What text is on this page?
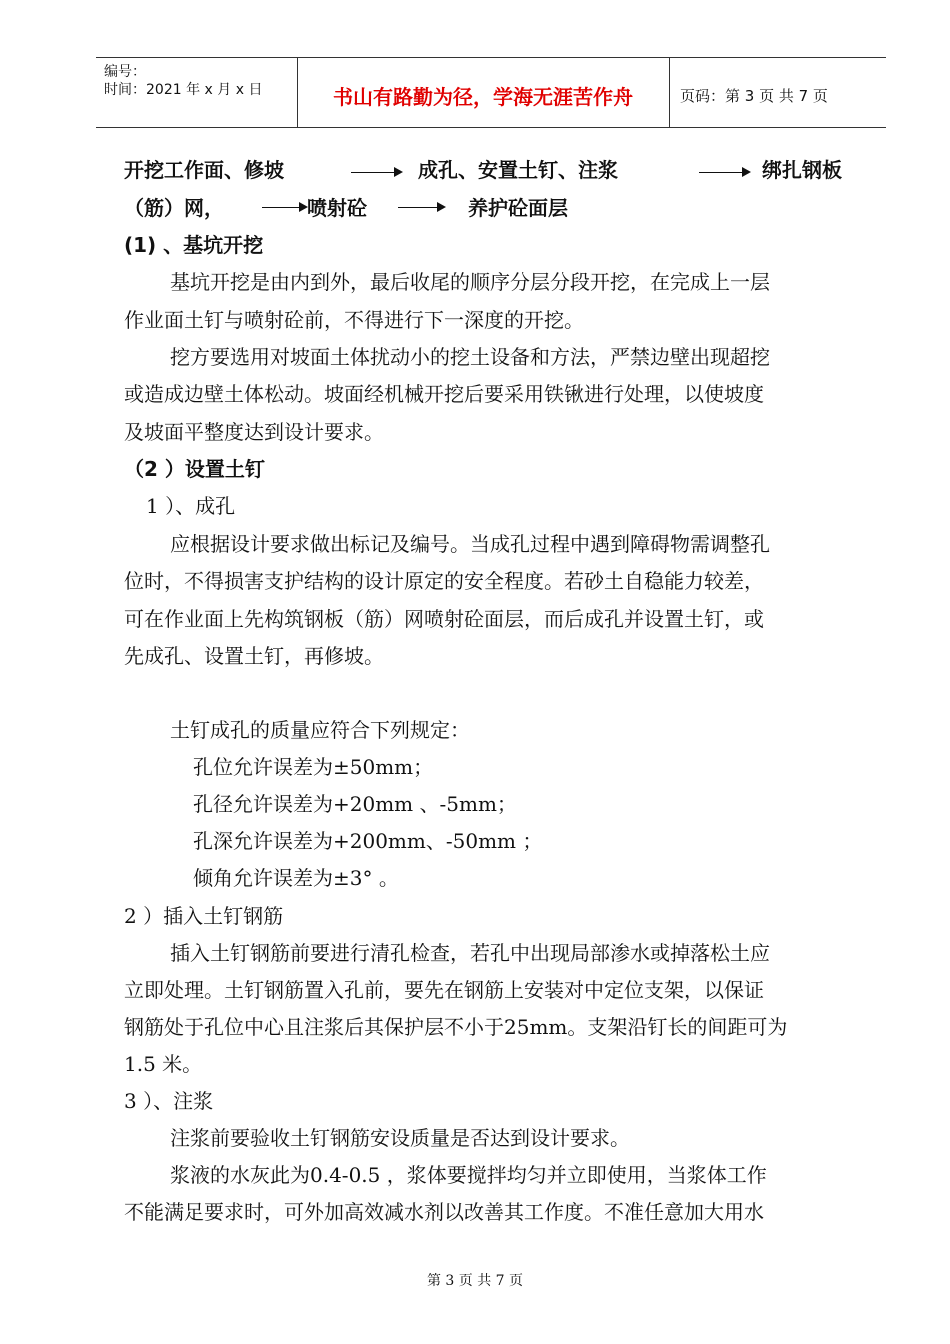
编号：
时间：2021 年 x 月 x 日	书山有路勤为径，学海无涯苦作舟	页码：第 3 页 共 7 页
开挖工作面、修坡	成孔、安置土钉、注浆	绑扎钢板
（筋）网，	喷射砼	养护砼面层
(1) 、基坑开挖
基坑开挖是由内到外，最后收尾的顺序分层分段开挖，在完成上一层
作业面土钉与喷射砼前，不得进行下一深度的开挖。
挖方要选用对坡面土体扰动小的挖土设备和方法，严禁边壁出现超挖
或造成边壁土体松动。坡面经机械开挖后要采用铁锹进行处理，以使坡度
及坡面平整度达到设计要求。
（2 ）设置土钉
1 ）、成孔
应根据设计要求做出标记及编号。当成孔过程中遇到障碍物需调整孔
位时，不得损害支护结构的设计原定的安全程度。若砂土自稳能力较差，
可在作业面上先构筑钢板（筋）网喷射砼面层，而后成孔并设置土钉，或
先成孔、设置土钉，再修坡。
土钉成孔的质量应符合下列规定：
孔位允许误差为±50mm；
孔径允许误差为+20mm 、-5mm；
孔深允许误差为+200mm、-50mm ；
倾角允许误差为±3° 。
2 ）插入土钉钢筋
插入土钉钢筋前要进行清孔检查，若孔中出现局部渗水或掉落松土应
立即处理。土钉钢筋置入孔前，要先在钢筋上安装对中定位支架，以保证
钢筋处于孔位中心且注浆后其保护层不小于25mm。支架沿钉长的间距可为
1.5 米。
3 ）、注浆
注浆前要验收土钉钢筋安设质量是否达到设计要求。
浆液的水灰此为0.4-0.5 ，浆体要搅拌均匀并立即使用，当浆体工作
不能满足要求时，可外加高效减水剂以改善其工作度。不准任意加大用水
第 3 页 共 7 页
